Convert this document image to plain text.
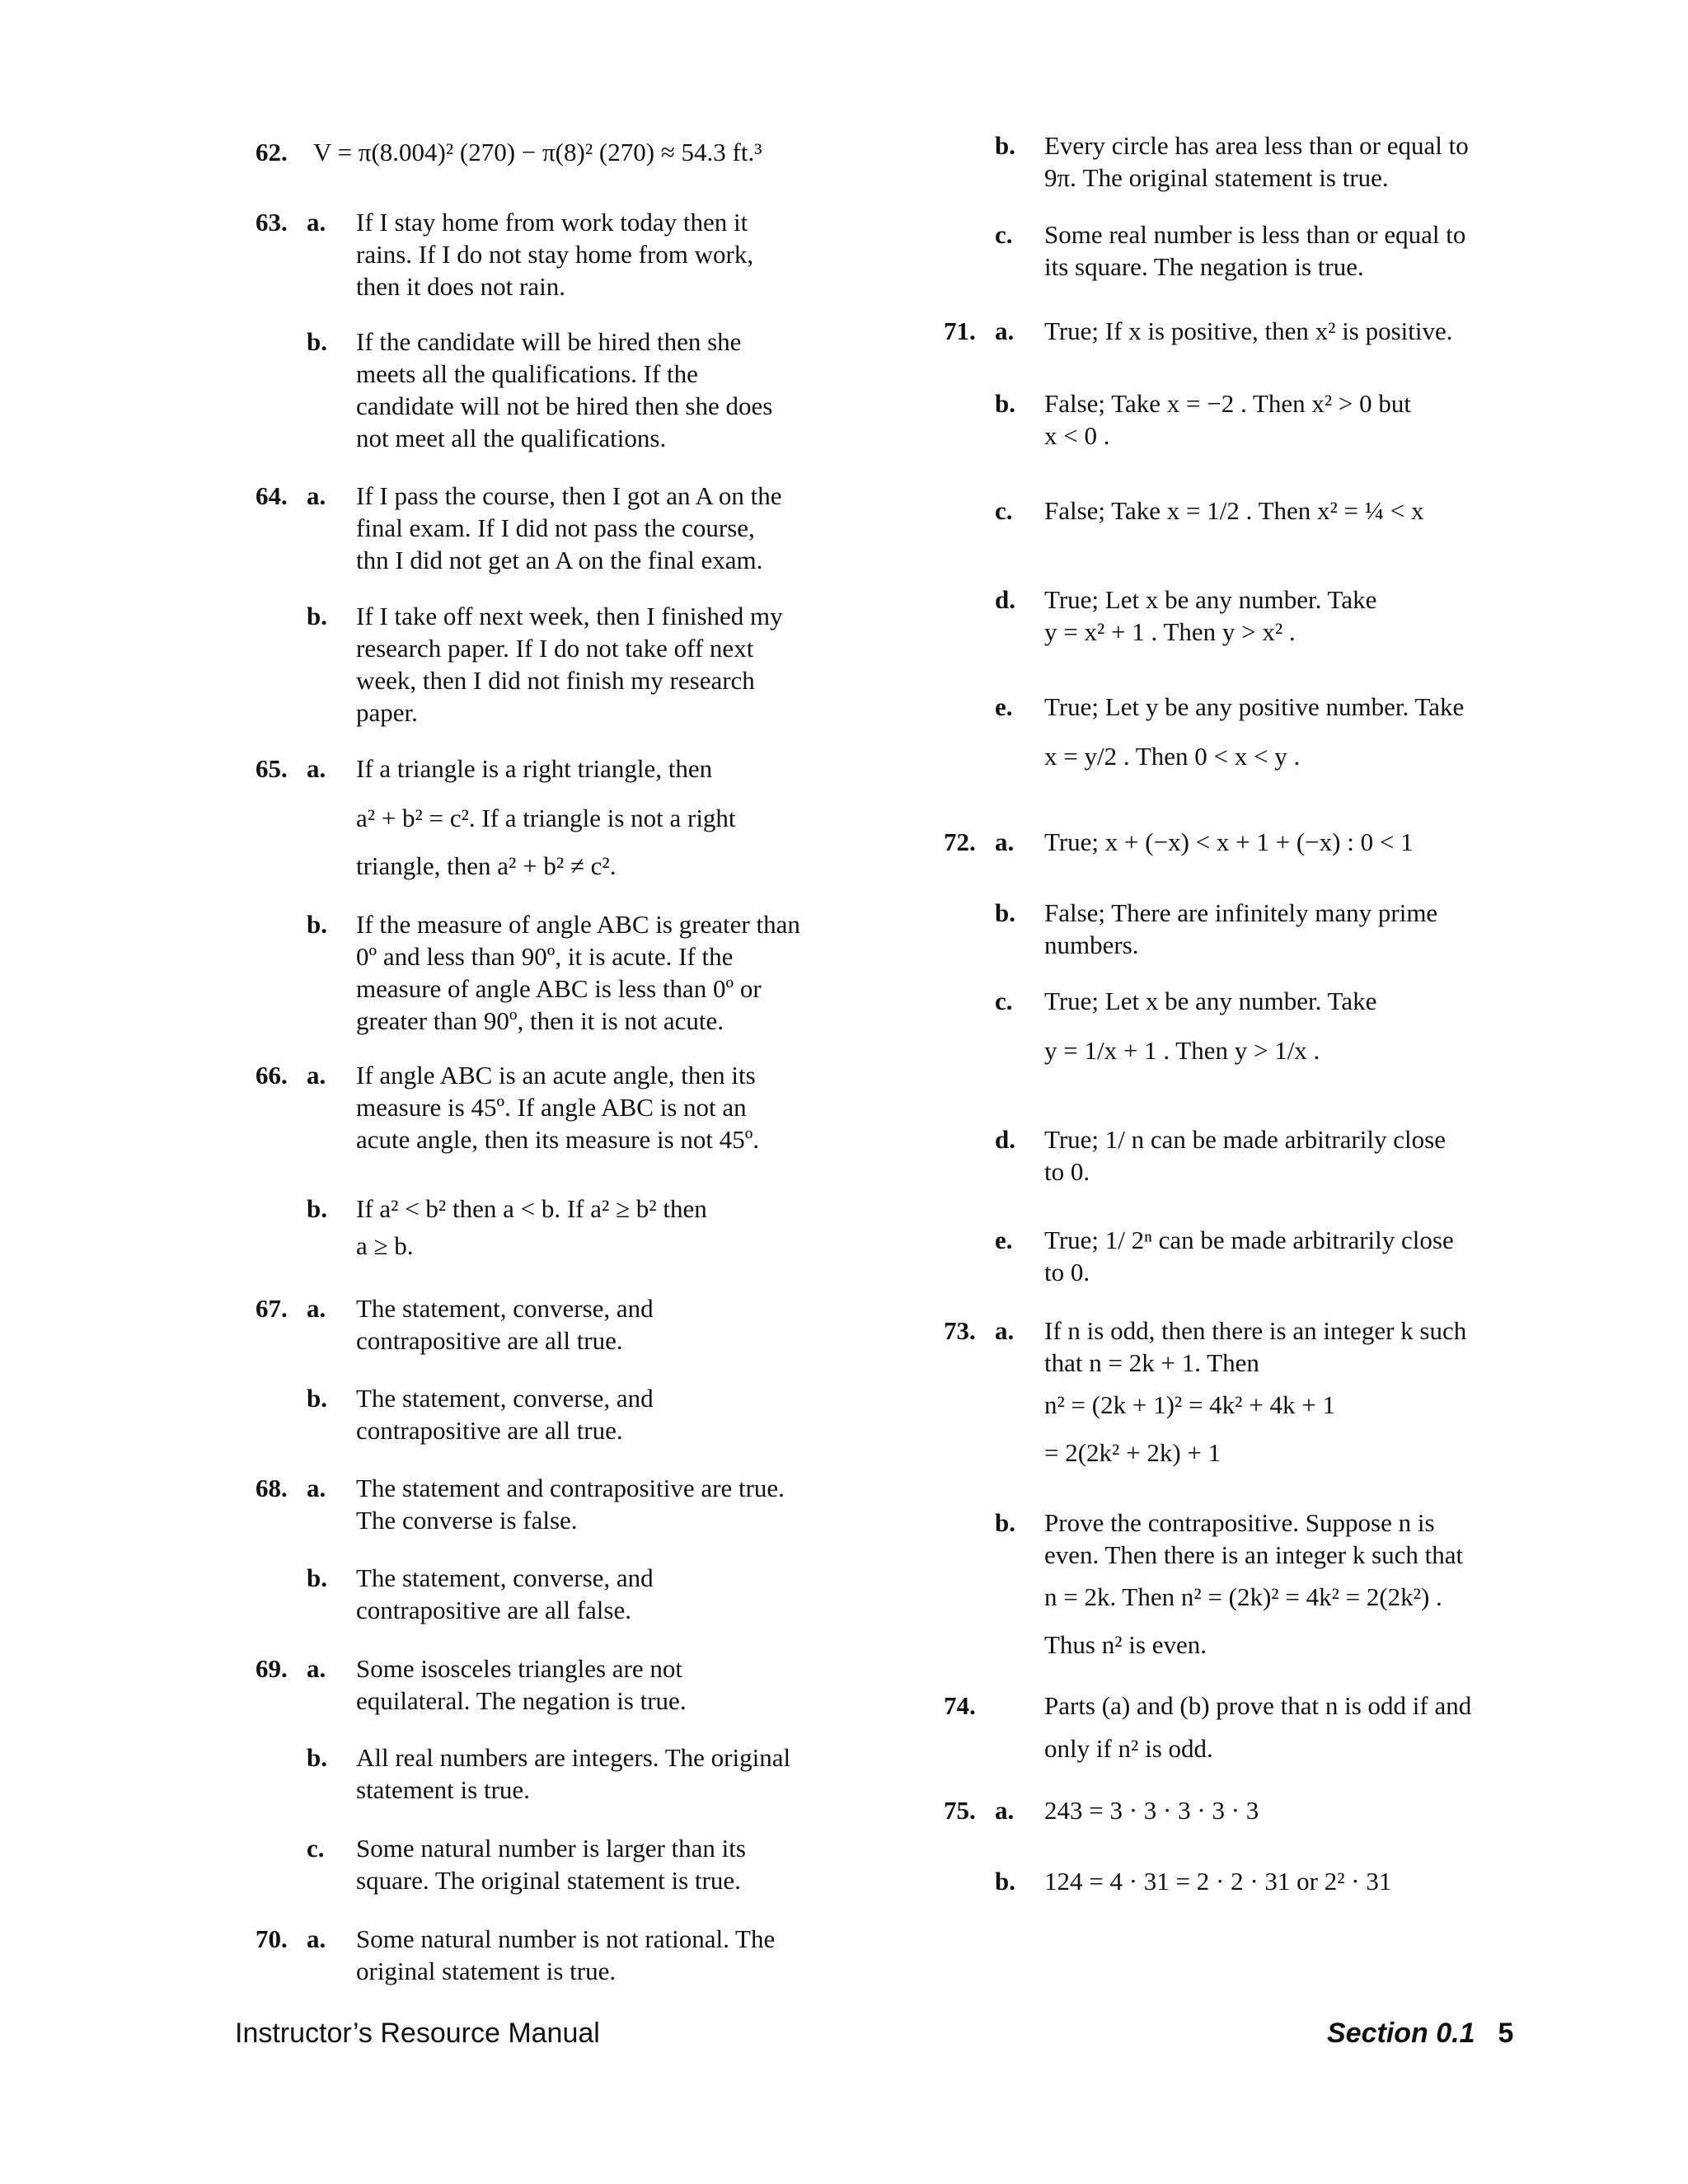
62. V = π(8.004)² (270) − π(8)² (270) ≈ 54.3 ft.³
63. a. If I stay home from work today then it
rains. If I do not stay home from work,
then it does not rain.
b. If the candidate will be hired then she
meets all the qualifications. If the
candidate will not be hired then she does
not meet all the qualifications.
64. a. If I pass the course, then I got an A on the
final exam. If I did not pass the course,
thn I did not get an A on the final exam.
b. If I take off next week, then I finished my
research paper. If I do not take off next
week, then I did not finish my research
paper.
65. a. If a triangle is a right triangle, then
a² + b² = c². If a triangle is not a right
triangle, then a² + b² ≠ c².
b. If the measure of angle ABC is greater than
0º and less than 90º, it is acute. If the
measure of angle ABC is less than 0º or
greater than 90º, then it is not acute.
66. a. If angle ABC is an acute angle, then its
measure is 45º. If angle ABC is not an
acute angle, then its measure is not 45º.
b. If a² < b² then a < b. If a² ≥ b² then
a ≥ b.
67. a. The statement, converse, and
contrapositive are all true.
b. The statement, converse, and
contrapositive are all true.
68. a. The statement and contrapositive are true.
The converse is false.
b. The statement, converse, and
contrapositive are all false.
69. a. Some isosceles triangles are not
equilateral. The negation is true.
b. All real numbers are integers. The original
statement is true.
c. Some natural number is larger than its
square. The original statement is true.
70. a. Some natural number is not rational. The
original statement is true.
b. Every circle has area less than or equal to
9π. The original statement is true.
c. Some real number is less than or equal to
its square. The negation is true.
71. a. True; If x is positive, then x² is positive.
b. False; Take x = −2 . Then x² > 0 but
x < 0 .
c. False; Take x = 1/2 . Then x² = ¼ < x
d. True; Let x be any number. Take
y = x² + 1 . Then y > x² .
e. True; Let y be any positive number. Take
x = y/2 . Then 0 < x < y .
72. a. True; x + (−x) < x + 1 + (−x) : 0 < 1
b. False; There are infinitely many prime
numbers.
c. True; Let x be any number. Take
y = 1/x + 1 . Then y > 1/x .
d. True; 1/ n can be made arbitrarily close
to 0.
e. True; 1/ 2ⁿ can be made arbitrarily close
to 0.
73. a. If n is odd, then there is an integer k such
that n = 2k + 1. Then
n² = (2k + 1)² = 4k² + 4k + 1
= 2(2k² + 2k) + 1
b. Prove the contrapositive. Suppose n is
even. Then there is an integer k such that
n = 2k. Then n² = (2k)² = 4k² = 2(2k²) .
Thus n² is even.
74.	Parts (a) and (b) prove that n is odd if and
only if n² is odd.
75. a. 243 = 3 · 3 · 3 · 3 · 3
b. 124 = 4 · 31 = 2 · 2 · 31 or 2² · 31
Instructor’s Resource Manual	Section 0.1 5
